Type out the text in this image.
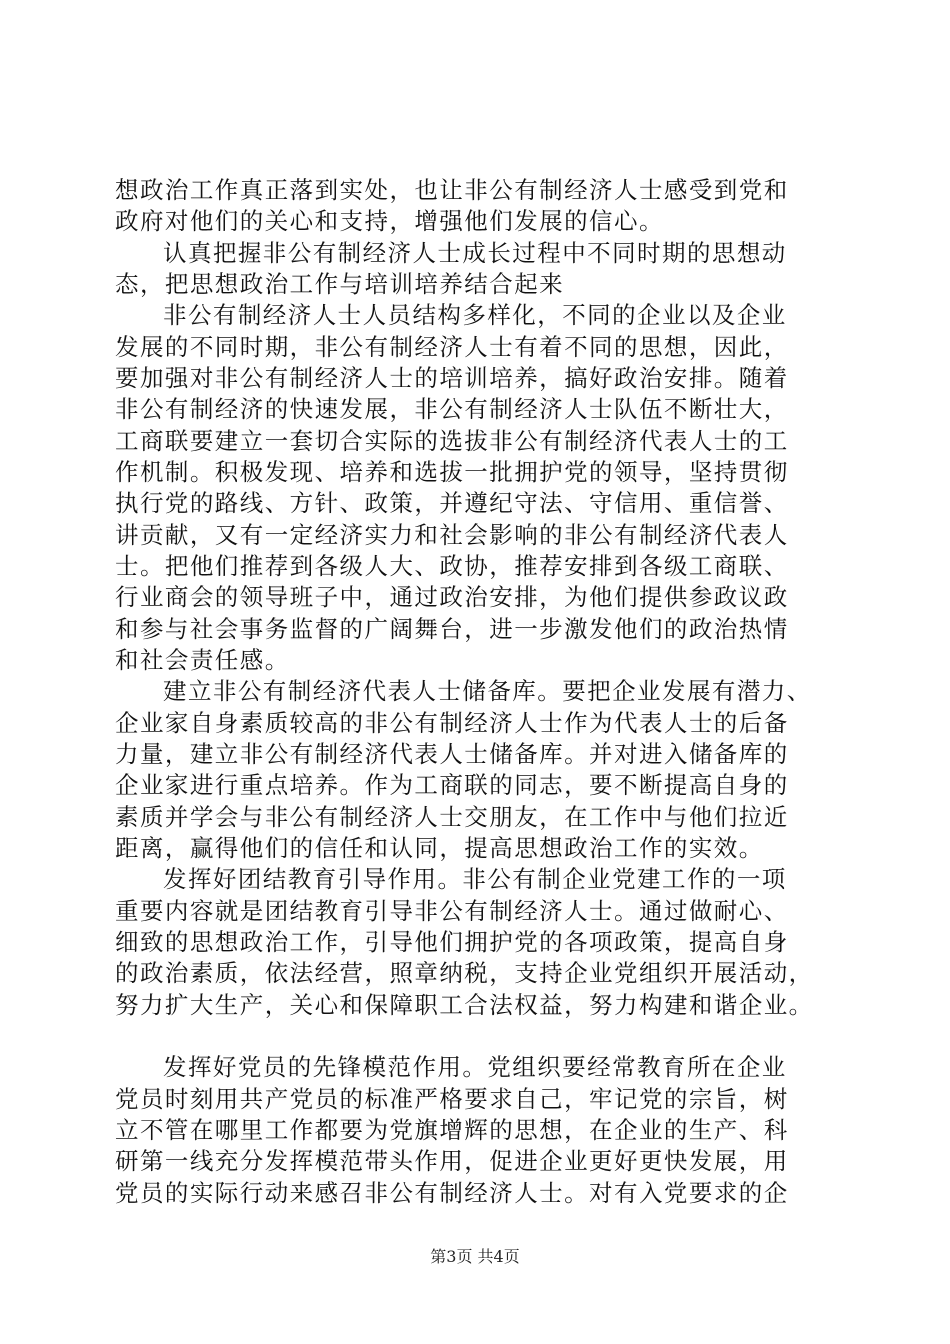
想政治工作真正落到实处，也让非公有制经济人士感受到党和
政府对他们的关心和支持，增强他们发展的信心。
认真把握非公有制经济人士成长过程中不同时期的思想动
态，把思想政治工作与培训培养结合起来
非公有制经济人士人员结构多样化，不同的企业以及企业
发展的不同时期，非公有制经济人士有着不同的思想，因此，
要加强对非公有制经济人士的培训培养，搞好政治安排。随着
非公有制经济的快速发展，非公有制经济人士队伍不断壮大，
工商联要建立一套切合实际的选拔非公有制经济代表人士的工
作机制。积极发现、培养和选拔一批拥护党的领导，坚持贯彻
执行党的路线、方针、政策，并遵纪守法、守信用、重信誉、
讲贡献，又有一定经济实力和社会影响的非公有制经济代表人
士。把他们推荐到各级人大、政协，推荐安排到各级工商联、
行业商会的领导班子中，通过政治安排，为他们提供参政议政
和参与社会事务监督的广阔舞台，进一步激发他们的政治热情
和社会责任感。
建立非公有制经济代表人士储备库。要把企业发展有潜力、
企业家自身素质较高的非公有制经济人士作为代表人士的后备
力量，建立非公有制经济代表人士储备库。并对进入储备库的
企业家进行重点培养。作为工商联的同志，要不断提高自身的
素质并学会与非公有制经济人士交朋友，在工作中与他们拉近
距离，赢得他们的信任和认同，提高思想政治工作的实效。
发挥好团结教育引导作用。非公有制企业党建工作的一项
重要内容就是团结教育引导非公有制经济人士。通过做耐心、
细致的思想政治工作，引导他们拥护党的各项政策，提高自身
的政治素质，依法经营，照章纳税，支持企业党组织开展活动，
努力扩大生产，关心和保障职工合法权益，努力构建和谐企业。
发挥好党员的先锋模范作用。党组织要经常教育所在企业
党员时刻用共产党员的标准严格要求自己，牢记党的宗旨，树
立不管在哪里工作都要为党旗增辉的思想，在企业的生产、科
研第一线充分发挥模范带头作用，促进企业更好更快发展，用
党员的实际行动来感召非公有制经济人士。对有入党要求的企
第3页 共4页
